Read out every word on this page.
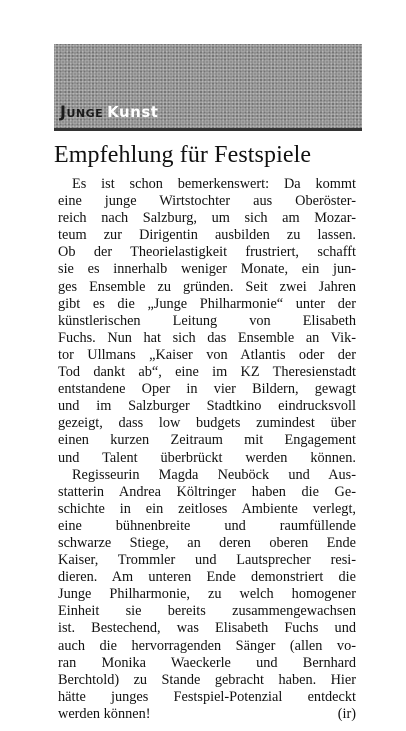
Junge Kunst
Empfehlung für Festspiele

Es ist schon bemerkenswert: Da kommt
eine junge Wirtstochter aus Oberöster-
reich nach Salzburg, um sich am Mozar-
teum zur Dirigentin ausbilden zu lassen.
Ob der Theorielastigkeit frustriert, schafft
sie es innerhalb weniger Monate, ein jun-
ges Ensemble zu gründen. Seit zwei Jahren
gibt es die „Junge Philharmonie“ unter der
künstlerischen Leitung von Elisabeth
Fuchs. Nun hat sich das Ensemble an Vik-
tor Ullmans „Kaiser von Atlantis oder der
Tod dankt ab“, eine im KZ Theresienstadt
entstandene Oper in vier Bildern, gewagt
und im Salzburger Stadtkino eindrucksvoll
gezeigt, dass low budgets zumindest über
einen kurzen Zeitraum mit Engagement
und Talent überbrückt werden können.

Regisseurin Magda Neuböck und Aus-
statterin Andrea Költringer haben die Ge-
schichte in ein zeitloses Ambiente verlegt,
eine bühnenbreite und raumfüllende
schwarze Stiege, an deren oberen Ende
Kaiser, Trommler und Lautsprecher resi-
dieren. Am unteren Ende demonstriert die
Junge Philharmonie, zu welch homogener
Einheit sie bereits zusammengewachsen
ist. Bestechend, was Elisabeth Fuchs und
auch die hervorragenden Sänger (allen vo-
ran Monika Waeckerle und Bernhard
Berchtold) zu Stande gebracht haben. Hier
hätte junges Festspiel-Potenzial entdeckt
werden können!	(ir)
